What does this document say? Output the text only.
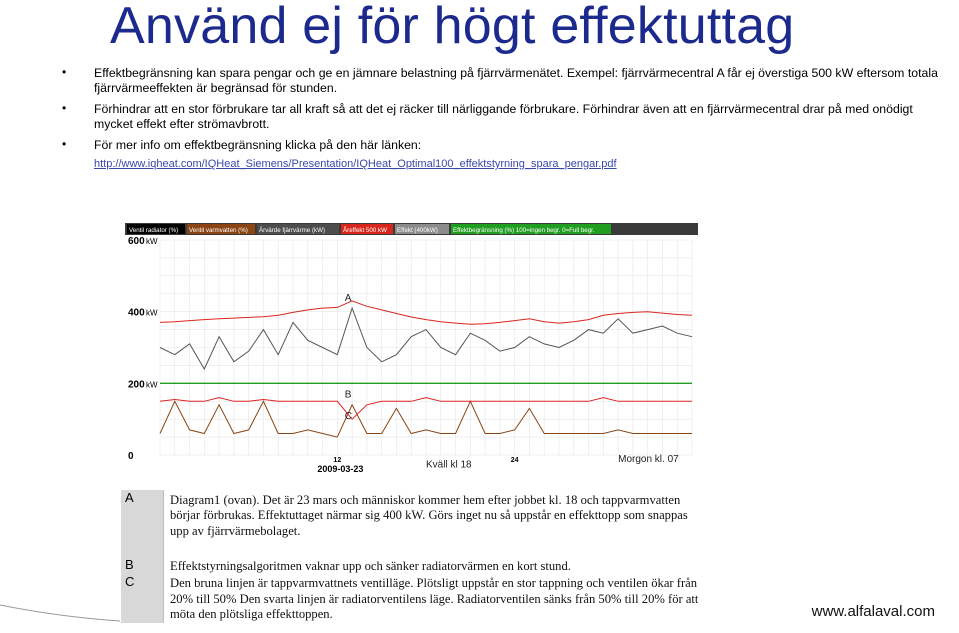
Använd ej för högt effektuttag
• Effektbegränsning kan spara pengar och ge en jämnare belastning på fjärrvärmenätet. Exempel: fjärrvärmecentral A får ej överstiga 500 kW eftersom totala fjärrvärmeeffekten är begränsad för stunden.
• Förhindrar att en stor förbrukare tar all kraft så att det ej räcker till närliggande förbrukare. Förhindrar även att en fjärrvärmecentral drar på med onödigt mycket effekt efter strömavbrott.
• För mer info om effektbegränsning klicka på den här länken:
http://www.iqheat.com/IQHeat_Siemens/Presentation/IQHeat_Optimal100_effektstyrning_spara_pengar.pdf
Ventil radiator (%) Ventil varmvatten (%) Ärvärde fjärrvärme (kW)	Åreffekt 500 kW Effekt (400kW) Effektbegränsning (%) 100=ingen begr. 0=Full begr.
600 kW
400 kW
200 kW
0	12	24
2009-03-23
A
B
C
Kväll kl 18	Morgon kl. 07
A	Diagram1 (ovan). Det är 23 mars och människor kommer hem efter jobbet kl. 18 och tappvarmvatten börjar förbrukas. Effektuttaget närmar sig 400 kW. Görs inget nu så uppstår en effekttopp som snappas upp av fjärrvärmebolaget.
B	Effektstyrningsalgoritmen vaknar upp och sänker radiatorvärmen en kort stund.
C	Den bruna linjen är tappvarmvattnets ventilläge. Plötsligt uppstår en stor tappning och ventilen ökar från 20% till 50% Den svarta linjen är radiatorventilens läge. Radiatorventilen sänks från 50% till 20% för att möta den plötsliga effekttoppen.	www.alfalaval.com
